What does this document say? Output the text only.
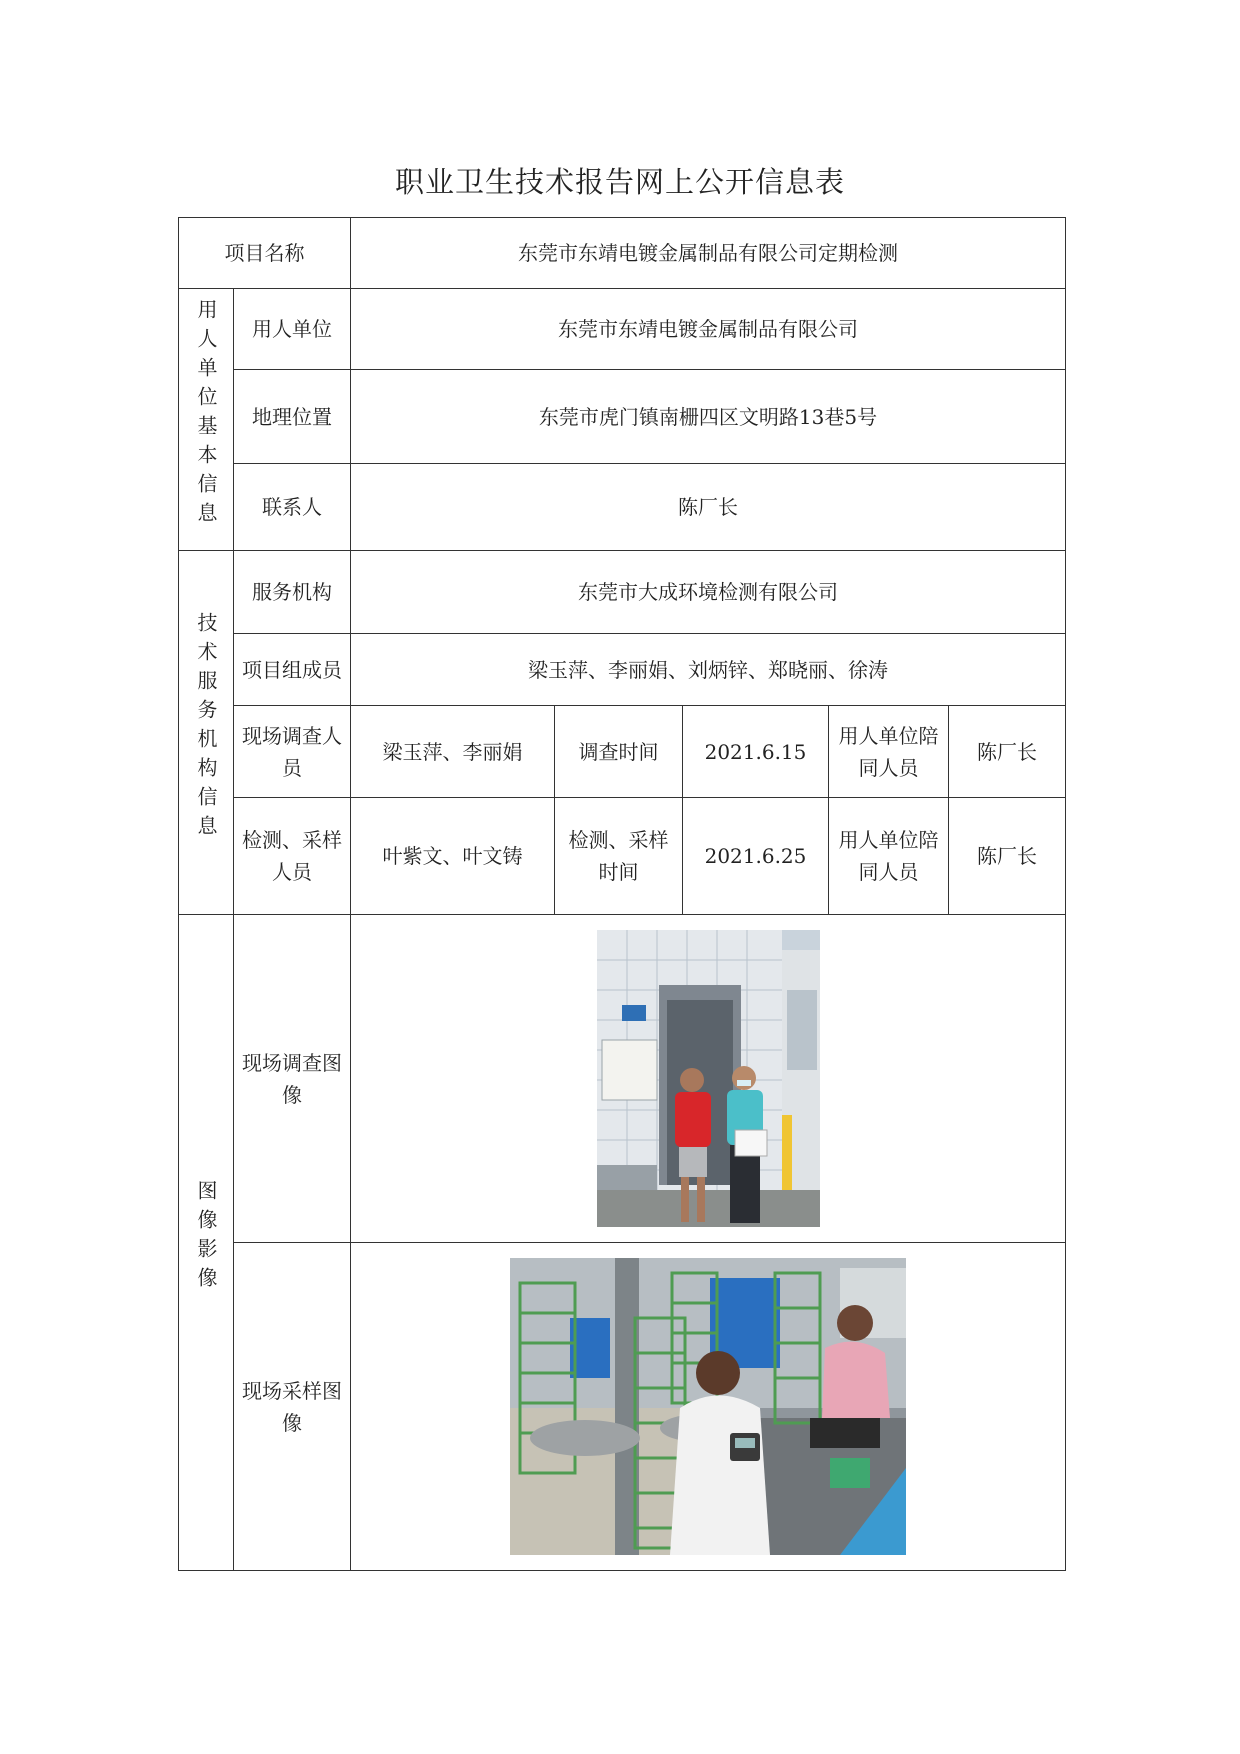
职业卫生技术报告网上公开信息表
项目名称		东莞市东靖电镀金属制品有限公司定期检测				
用人单位基本信息	用人单位	东莞市东靖电镀金属制品有限公司				
	地理位置	东莞市虎门镇南栅四区文明路13巷5号				
	联系人	陈厂长				
技术服务机构信息	服务机构	东莞市大成环境检测有限公司				
	项目组成员	梁玉萍、李丽娟、刘炳锌、郑晓丽、徐涛				
	现场调查人员	梁玉萍、李丽娟	调查时间	2021.6.15	用人单位陪同人员	陈厂长
	检测、采样人员	叶紫文、叶文铸	检测、采样时间	2021.6.25	用人单位陪同人员	陈厂长
图像影像	现场调查图像	

	现场采样图像	
